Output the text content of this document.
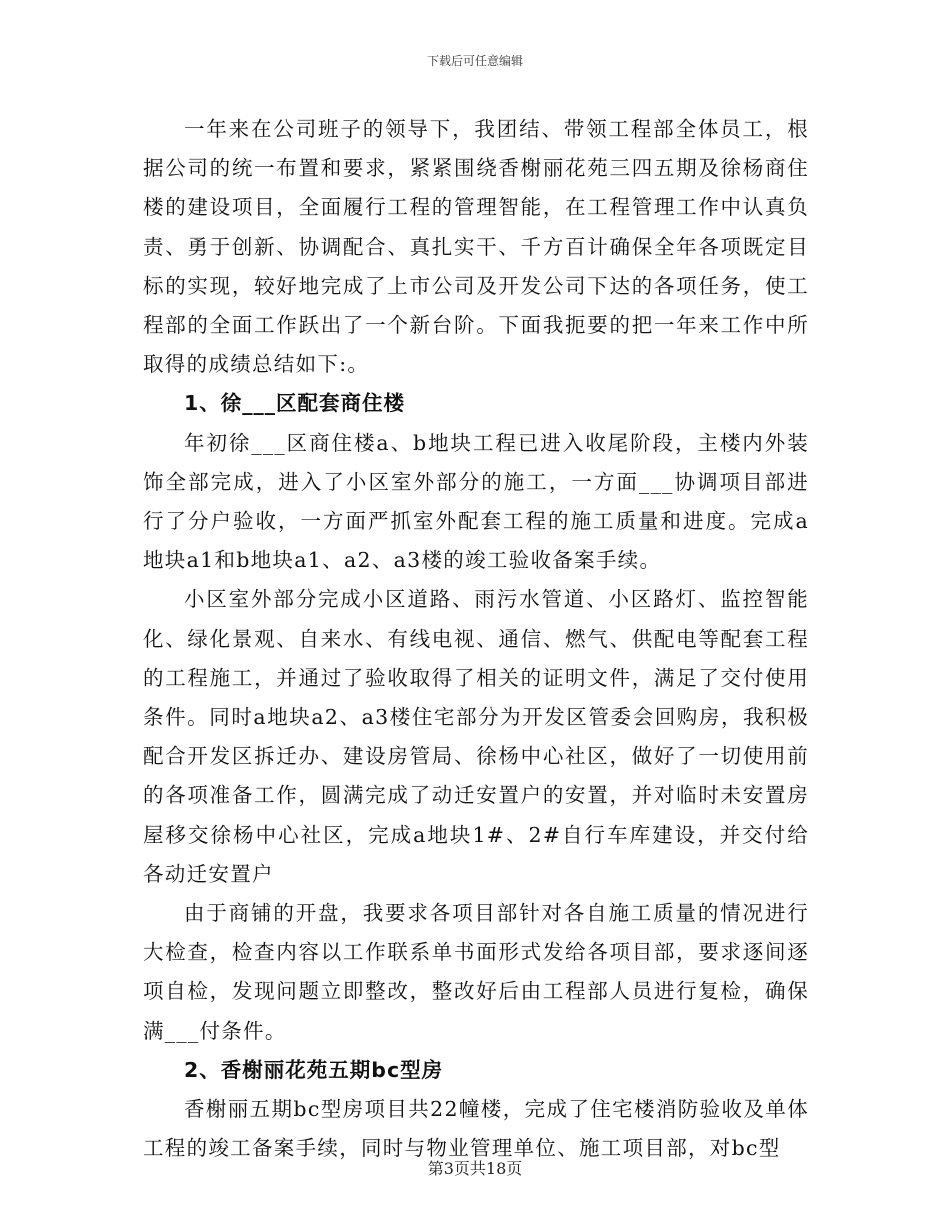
下载后可任意编辑

一年来在公司班子的领导下，我团结、带领工程部全体员工，根据公司的统一布置和要求，紧紧围绕香榭丽花苑三四五期及徐杨商住楼的建设项目，全面履行工程的管理智能，在工程管理工作中认真负责、勇于创新、协调配合、真扎实干、千方百计确保全年各项既定目标的实现，较好地完成了上市公司及开发公司下达的各项任务，使工程部的全面工作跃出了一个新台阶。下面我扼要的把一年来工作中所取得的成绩总结如下:。

1、徐___区配套商住楼

年初徐___区商住楼a、b地块工程已进入收尾阶段，主楼内外装饰全部完成，进入了小区室外部分的施工，一方面___协调项目部进行了分户验收，一方面严抓室外配套工程的施工质量和进度。完成a地块a1和b地块a1、a2、a3楼的竣工验收备案手续。

小区室外部分完成小区道路、雨污水管道、小区路灯、监控智能化、绿化景观、自来水、有线电视、通信、燃气、供配电等配套工程的工程施工，并通过了验收取得了相关的证明文件，满足了交付使用条件。同时a地块a2、a3楼住宅部分为开发区管委会回购房，我积极配合开发区拆迁办、建设房管局、徐杨中心社区，做好了一切使用前的各项准备工作，圆满完成了动迁安置户的安置，并对临时未安置房屋移交徐杨中心社区，完成a地块1#、2#自行车库建设，并交付给各动迁安置户

由于商铺的开盘，我要求各项目部针对各自施工质量的情况进行大检查，检查内容以工作联系单书面形式发给各项目部，要求逐间逐项自检，发现问题立即整改，整改好后由工程部人员进行复检，确保满___付条件。

2、香榭丽花苑五期bc型房

香榭丽五期bc型房项目共22幢楼，完成了住宅楼消防验收及单体工程的竣工备案手续，同时与物业管理单位、施工项目部，对bc型

第3页共18页
